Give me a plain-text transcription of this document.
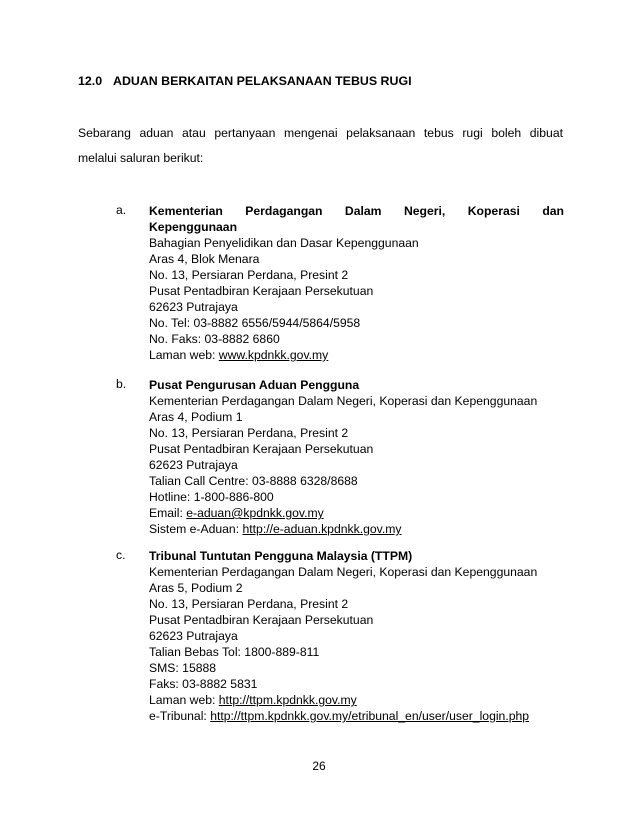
12.0 ADUAN BERKAITAN PELAKSANAAN TEBUS RUGI
Sebarang aduan atau pertanyaan mengenai pelaksanaan tebus rugi boleh dibuat
melalui saluran berikut:
a. Kementerian Perdagangan Dalam Negeri, Koperasi dan
Kepenggunaan
Bahagian Penyelidikan dan Dasar Kepenggunaan
Aras 4, Blok Menara
No. 13, Persiaran Perdana, Presint 2
Pusat Pentadbiran Kerajaan Persekutuan
62623 Putrajaya
No. Tel: 03-8882 6556/5944/5864/5958
No. Faks: 03-8882 6860
Laman web: www.kpdnkk.gov.my
b. Pusat Pengurusan Aduan Pengguna
Kementerian Perdagangan Dalam Negeri, Koperasi dan Kepenggunaan
Aras 4, Podium 1
No. 13, Persiaran Perdana, Presint 2
Pusat Pentadbiran Kerajaan Persekutuan
62623 Putrajaya
Talian Call Centre: 03-8888 6328/8688
Hotline: 1-800-886-800
Email: e-aduan@kpdnkk.gov.my
Sistem e-Aduan: http://e-aduan.kpdnkk.gov.my
c. Tribunal Tuntutan Pengguna Malaysia (TTPM)
Kementerian Perdagangan Dalam Negeri, Koperasi dan Kepenggunaan
Aras 5, Podium 2
No. 13, Persiaran Perdana, Presint 2
Pusat Pentadbiran Kerajaan Persekutuan
62623 Putrajaya
Talian Bebas Tol: 1800-889-811
SMS: 15888
Faks: 03-8882 5831
Laman web: http://ttpm.kpdnkk.gov.my
e-Tribunal: http://ttpm.kpdnkk.gov.my/etribunal_en/user/user_login.php
26
